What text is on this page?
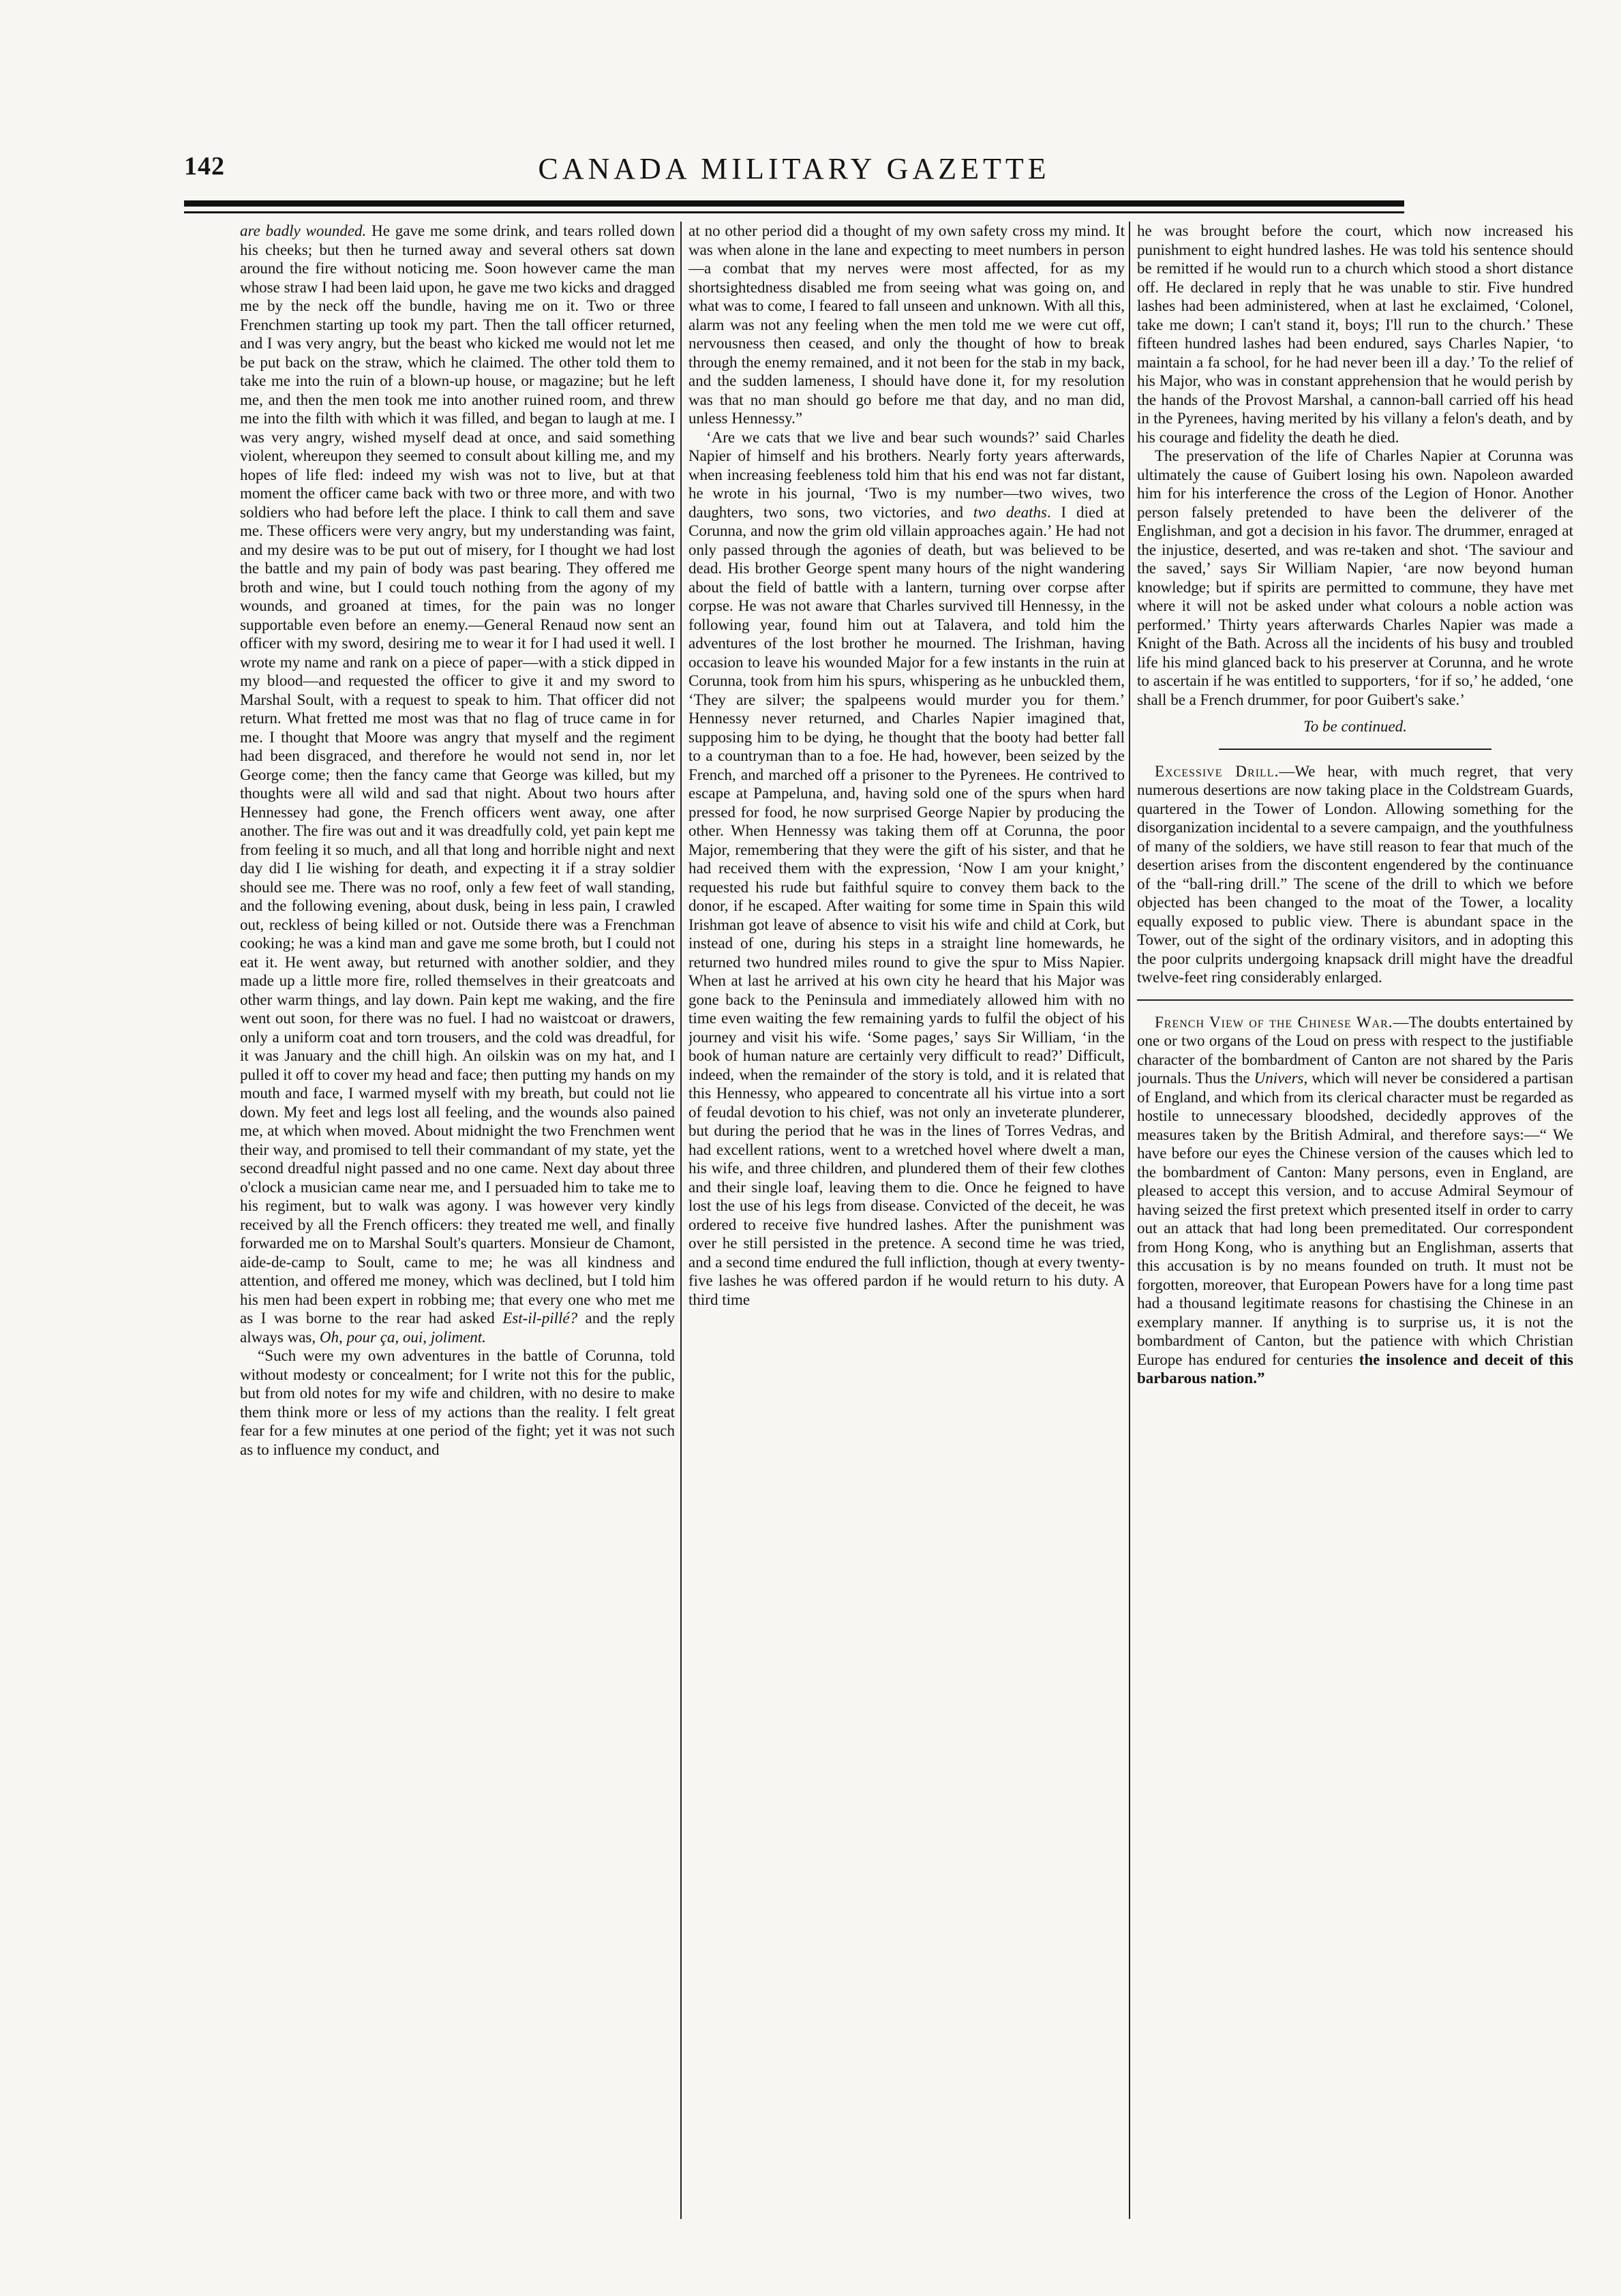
142	CANADA MILITARY GAZETTE

are badly wounded. He gave me some drink, and tears rolled down his cheeks; but then he turned away and several others sat down around the fire without noticing me. Soon however came the man whose straw I had been laid upon, he gave me two kicks and dragged me by the neck off the bundle, having me on it. Two or three Frenchmen starting up took my part. Then the tall officer returned, and I was very angry, but the beast who kicked me would not let me be put back on the straw, which he claimed. The other told them to take me into the ruin of a blown-up house, or magazine; but he left me, and then the men took me into another ruined room, and threw me into the filth with which it was filled, and began to laugh at me. I was very angry, wished myself dead at once, and said something violent, whereupon they seemed to consult about killing me, and my hopes of life fled: indeed my wish was not to live, but at that moment the officer came back with two or three more, and with two soldiers who had before left the place. I think to call them and save me. These officers were very angry, but my understanding was faint, and my desire was to be put out of misery, for I thought we had lost the battle and my pain of body was past bearing. They offered me broth and wine, but I could touch nothing from the agony of my wounds, and groaned at times, for the pain was no longer supportable even before an enemy.—General Renaud now sent an officer with my sword, desiring me to wear it for I had used it well. I wrote my name and rank on a piece of paper—with a stick dipped in my blood—and requested the officer to give it and my sword to Marshal Soult, with a request to speak to him. That officer did not return. What fretted me most was that no flag of truce came in for me. I thought that Moore was angry that myself and the regiment had been disgraced, and therefore he would not send in, nor let George come; then the fancy came that George was killed, but my thoughts were all wild and sad that night. About two hours after Hennessey had gone, the French officers went away, one after another. The fire was out and it was dreadfully cold, yet pain kept me from feeling it so much, and all that long and horrible night and next day did I lie wishing for death, and expecting it if a stray soldier should see me. There was no roof, only a few feet of wall standing, and the following evening, about dusk, being in less pain, I crawled out, reckless of being killed or not. Outside there was a Frenchman cooking; he was a kind man and gave me some broth, but I could not eat it. He went away, but returned with another soldier, and they made up a little more fire, rolled themselves in their greatcoats and other warm things, and lay down. Pain kept me waking, and the fire went out soon, for there was no fuel. I had no waistcoat or drawers, only a uniform coat and torn trousers, and the cold was dreadful, for it was January and the chill high. An oilskin was on my hat, and I pulled it off to cover my head and face; then putting my hands on my mouth and face, I warmed myself with my breath, but could not lie down. My feet and legs lost all feeling, and the wounds also pained me, at which when moved. About midnight the two Frenchmen went their way, and promised to tell their commandant of my state, yet the second dreadful night passed and no one came. Next day about three o'clock a musician came near me, and I persuaded him to take me to his regiment, but to walk was agony. I was however very kindly received by all the French officers: they treated me well, and finally forwarded me on to Marshal Soult's quarters. Monsieur de Chamont, aide-de-camp to Soult, came to me; he was all kindness and attention, and offered me money, which was declined, but I told him his men had been expert in robbing me; that every one who met me as I was borne to the rear had asked Est-il-pillé? and the reply always was, Oh, pour ça, oui, joliment.

“Such were my own adventures in the battle of Corunna, told without modesty or concealment; for I write not this for the public, but from old notes for my wife and children, with no desire to make them think more or less of my actions than the reality. I felt great fear for a few minutes at one period of the fight; yet it was not such as to influence my conduct, and

at no other period did a thought of my own safety cross my mind. It was when alone in the lane and expecting to meet numbers in person—a combat that my nerves were most affected, for as my shortsightedness disabled me from seeing what was going on, and what was to come, I feared to fall unseen and unknown. With all this, alarm was not any feeling when the men told me we were cut off, nervousness then ceased, and only the thought of how to break through the enemy remained, and it not been for the stab in my back, and the sudden lameness, I should have done it, for my resolution was that no man should go before me that day, and no man did, unless Hennessy.”

‘Are we cats that we live and bear such wounds?’ said Charles Napier of himself and his brothers. Nearly forty years afterwards, when increasing feebleness told him that his end was not far distant, he wrote in his journal, ‘Two is my number—two wives, two daughters, two sons, two victories, and two deaths. I died at Corunna, and now the grim old villain approaches again.’ He had not only passed through the agonies of death, but was believed to be dead. His brother George spent many hours of the night wandering about the field of battle with a lantern, turning over corpse after corpse. He was not aware that Charles survived till Hennessy, in the following year, found him out at Talavera, and told him the adventures of the lost brother he mourned. The Irishman, having occasion to leave his wounded Major for a few instants in the ruin at Corunna, took from him his spurs, whispering as he unbuckled them, ‘They are silver; the spalpeens would murder you for them.’ Hennessy never returned, and Charles Napier imagined that, supposing him to be dying, he thought that the booty had better fall to a countryman than to a foe. He had, however, been seized by the French, and marched off a prisoner to the Pyrenees. He contrived to escape at Pampeluna, and, having sold one of the spurs when hard pressed for food, he now surprised George Napier by producing the other. When Hennessy was taking them off at Corunna, the poor Major, remembering that they were the gift of his sister, and that he had received them with the expression, ‘Now I am your knight,’ requested his rude but faithful squire to convey them back to the donor, if he escaped. After waiting for some time in Spain this wild Irishman got leave of absence to visit his wife and child at Cork, but instead of one, during his steps in a straight line homewards, he returned two hundred miles round to give the spur to Miss Napier. When at last he arrived at his own city he heard that his Major was gone back to the Peninsula and immediately allowed him with no time even waiting the few remaining yards to fulfil the object of his journey and visit his wife. ‘Some pages,’ says Sir William, ‘in the book of human nature are certainly very difficult to read?’ Difficult, indeed, when the remainder of the story is told, and it is related that this Hennessy, who appeared to concentrate all his virtue into a sort of feudal devotion to his chief, was not only an inveterate plunderer, but during the period that he was in the lines of Torres Vedras, and had excellent rations, went to a wretched hovel where dwelt a man, his wife, and three children, and plundered them of their few clothes and their single loaf, leaving them to die. Once he feigned to have lost the use of his legs from disease. Convicted of the deceit, he was ordered to receive five hundred lashes. After the punishment was over he still persisted in the pretence. A second time he was tried, and a second time endured the full infliction, though at every twenty-five lashes he was offered pardon if he would return to his duty. A third time

he was brought before the court, which now increased his punishment to eight hundred lashes. He was told his sentence should be remitted if he would run to a church which stood a short distance off. He declared in reply that he was unable to stir. Five hundred lashes had been administered, when at last he exclaimed, ‘Colonel, take me down; I can't stand it, boys; I'll run to the church.’ These fifteen hundred lashes had been endured, says Charles Napier, ‘to maintain a fa school, for he had never been ill a day.’ To the relief of his Major, who was in constant apprehension that he would perish by the hands of the Provost Marshal, a cannon-ball carried off his head in the Pyrenees, having merited by his villany a felon's death, and by his courage and fidelity the death he died.

The preservation of the life of Charles Napier at Corunna was ultimately the cause of Guibert losing his own. Napoleon awarded him for his interference the cross of the Legion of Honor. Another person falsely pretended to have been the deliverer of the Englishman, and got a decision in his favor. The drummer, enraged at the injustice, deserted, and was re-taken and shot. ‘The saviour and the saved,’ says Sir William Napier, ‘are now beyond human knowledge; but if spirits are permitted to commune, they have met where it will not be asked under what colours a noble action was performed.’ Thirty years afterwards Charles Napier was made a Knight of the Bath. Across all the incidents of his busy and troubled life his mind glanced back to his preserver at Corunna, and he wrote to ascertain if he was entitled to supporters, ‘for if so,’ he added, ‘one shall be a French drummer, for poor Guibert's sake.’

To be continued.

Excessive Drill.—We hear, with much regret, that very numerous desertions are now taking place in the Coldstream Guards, quartered in the Tower of London. Allowing something for the disorganization incidental to a severe campaign, and the youthfulness of many of the soldiers, we have still reason to fear that much of the desertion arises from the discontent engendered by the continuance of the “ball-ring drill.” The scene of the drill to which we before objected has been changed to the moat of the Tower, a locality equally exposed to public view. There is abundant space in the Tower, out of the sight of the ordinary visitors, and in adopting this the poor culprits undergoing knapsack drill might have the dreadful twelve-feet ring considerably enlarged.

French View of the Chinese War.—The doubts entertained by one or two organs of the Loud on press with respect to the justifiable character of the bombardment of Canton are not shared by the Paris journals. Thus the Univers, which will never be considered a partisan of England, and which from its clerical character must be regarded as hostile to unnecessary bloodshed, decidedly approves of the measures taken by the British Admiral, and therefore says:—“ We have before our eyes the Chinese version of the causes which led to the bombardment of Canton: Many persons, even in England, are pleased to accept this version, and to accuse Admiral Seymour of having seized the first pretext which presented itself in order to carry out an attack that had long been premeditated. Our correspondent from Hong Kong, who is anything but an Englishman, asserts that this accusation is by no means founded on truth. It must not be forgotten, moreover, that European Powers have for a long time past had a thousand legitimate reasons for chastising the Chinese in an exemplary manner. If anything is to surprise us, it is not the bombardment of Canton, but the patience with which Christian Europe has endured for centuries the insolence and deceit of this barbarous nation.”
